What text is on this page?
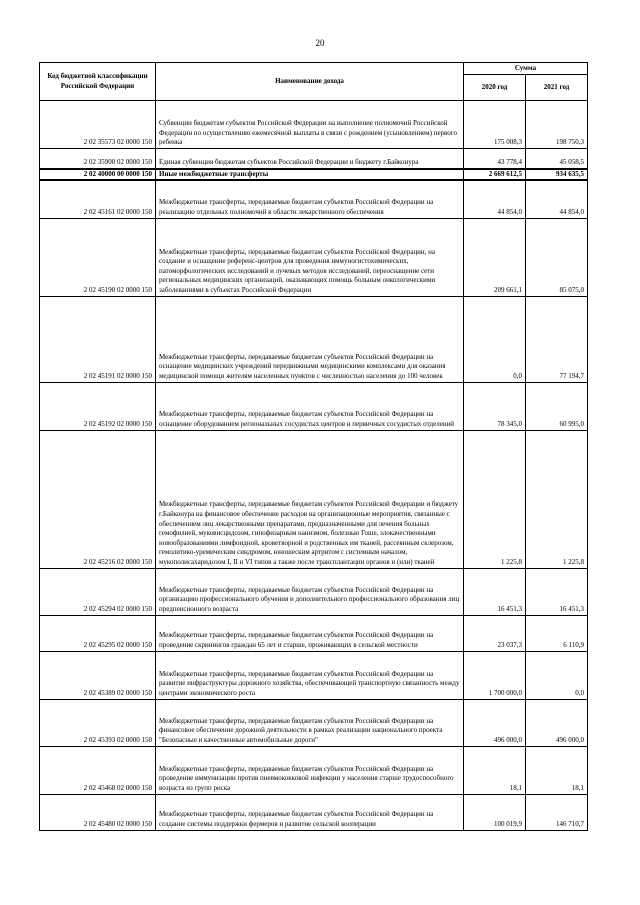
20
Код бюджетной классификации Российской Федерации	Наименование дохода	Сумма	
		2020 год	2021 год
2 02 35573 02 0000 150	Субвенции бюджетам субъектов Российской Федерации на выполнение полномочий Российской Федерации по осуществлению ежемесячной выплаты в связи с рождением (усыновлением) первого ребенка	175 008,3	198 750,3
2 02 35900 02 0000 150	Единая субвенция бюджетам субъектов Российской Федерации и бюджету г.Байконура	43 778,4	45 058,5
2 02 40000 00 0000 150	Иные межбюджетные трансферты	2 669 612,5	934 635,5
2 02 45161 02 0000 150	Межбюджетные трансферты, передаваемые бюджетам субъектов Российской Федерации на реализацию отдельных полномочий в области лекарственного обеспечения	44 854,0	44 854,0
2 02 45190 02 0000 150	Межбюджетные трансферты, передаваемые бюджетам субъектов Российской Федерации, на создание и оснащение референс-центров для проведения иммуногистохимических, патоморфологических исследований и лучевых методов исследований, переоснащение сети региональных медицинских организаций, оказывающих помощь больным онкологическими заболеваниями в субъектах Российской Федерации	209 661,1	85 075,0
2 02 45191 02 0000 150	Межбюджетные трансферты, передаваемые бюджетам субъектов Российской Федерации на оснащение медицинских учреждений передвижными медицинскими комплексами для оказания медицинской помощи жителям населенных пунктов с численностью населения до 100 человек	0,0	77 194,7
2 02 45192 02 0000 150	Межбюджетные трансферты, передаваемые бюджетам субъектов Российской Федерации на оснащение оборудованием региональных сосудистых центров и первичных сосудистых отделений	78 345,0	60 995,0
2 02 45216 02 0000 150	Межбюджетные трансферты, передаваемые бюджетам субъектов Российской Федерации и бюджету г.Байконура на финансовое обеспечение расходов на организационные мероприятия, связанные с обеспечением лиц лекарственными препаратами, предназначенными для лечения больных гемофилией, муковисцидозом, гипофизарным нанизмом, болезнью Гоше, злокачественными новообразованиями лимфоидной, кроветворной и родственных им тканей, рассеянным склерозом, гемолитико-уремическим синдромом, юношеским артритом с системным началом, мукополисахаридозом I, II и VI типов а также после трансплантации органов и (или) тканей	1 225,8	1 225,8
2 02 45294 02 0000 150	Межбюджетные трансферты, передаваемые бюджетам субъектов Российской Федерации на организацию профессионального обучения и дополнительного профессионального образования лиц предпенсионного возраста	16 451,3	16 451,3
2 02 45295 02 0000 150	Межбюджетные трансферты, передаваемые бюджетам субъектов Российской Федерации на проведение скринингов граждан 65 лет и старше, проживающих в сельской местности	23 037,3	6 110,9
2 02 45389 02 0000 150	Межбюджетные трансферты, передаваемые бюджетам субъектов Российской Федерации на развитие инфраструктуры дорожного хозяйства, обеспечивающей транспортную связанность между центрами экономического роста	1 700 000,0	0,0
2 02 45393 02 0000 150	Межбюджетные трансферты, передаваемые бюджетам субъектов Российской Федерации на финансовое обеспечение дорожной деятельности в рамках реализации национального проекта "Безопасные и качественные автомобильные дороги"	496 000,0	496 000,0
2 02 45468 02 0000 150	Межбюджетные трансферты, передаваемые бюджетам субъектов Российской Федерации на проведение иммунизации против пневмококковой инфекции у населения старше трудоспособного возраста из групп риска	18,1	18,1
2 02 45480 02 0000 150	Межбюджетные трансферты, передаваемые бюджетам субъектов Российской Федерации на создание системы поддержки фермеров и развитие сельской кооперации	100 019,9	146 710,7
